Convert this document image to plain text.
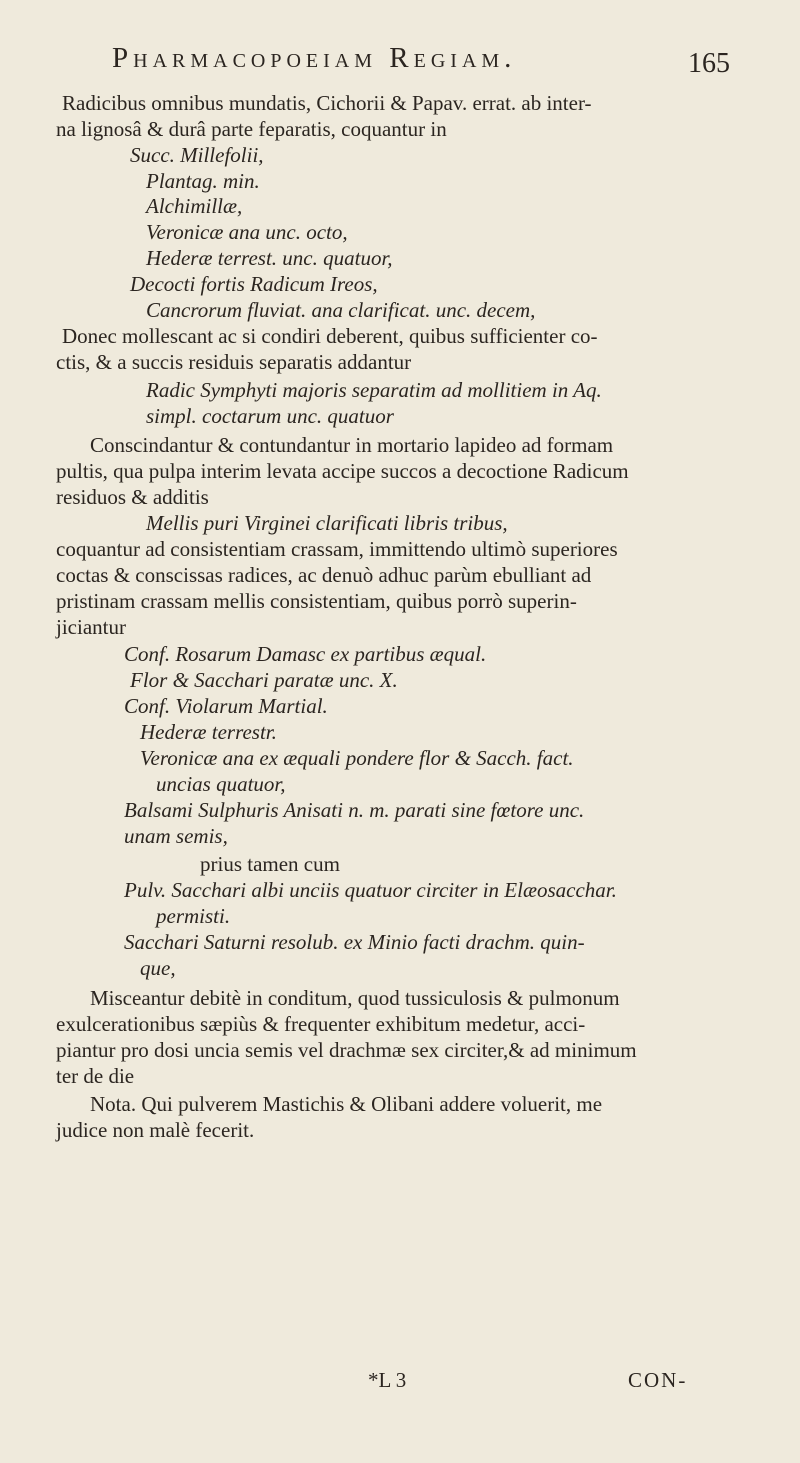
Pharmacopoeiam Regiam.	165
Radicibus omnibus mundatis, Cichorii & Papav. errat. ab inter-
na lignosâ & durâ parte feparatis, coquantur in
Succ. Millefolii,
Plantag. min.
Alchimillæ,
Veronicæ ana unc. octo,
Hederæ terrest. unc. quatuor,
Decocti fortis Radicum Ireos,
Cancrorum fluviat. ana clarificat. unc. decem,
Donec mollescant ac si condiri deberent, quibus sufficienter co-
ctis, & a succis residuis separatis addantur
Radic Symphyti majoris separatim ad mollitiem in Aq.
simpl. coctarum unc. quatuor
Conscindantur & contundantur in mortario lapideo ad formam
pultis, qua pulpa interim levata accipe succos a decoctione Radicum
residuos & additis
Mellis puri Virginei clarificati libris tribus,
coquantur ad consistentiam crassam, immittendo ultimò superiores
coctas & conscissas radices, ac denuò adhuc parùm ebulliant ad
pristinam crassam mellis consistentiam, quibus porrò superin-
jiciantur
Conf. Rosarum Damasc ex partibus æqual.
Flor & Sacchari paratæ unc. X.
Conf. Violarum Martial.
Hederæ terrestr.
Veronicæ ana ex æquali pondere flor & Sacch. fact.
uncias quatuor,
Balsami Sulphuris Anisati n. m. parati sine fœtore unc.
unam semis,
prius tamen cum
Pulv. Sacchari albi unciis quatuor circiter in Elæosacchar.
permisti.
Sacchari Saturni resolub. ex Minio facti drachm. quin-
que,
Misceantur debitè in conditum, quod tussiculosis & pulmonum
exulcerationibus sæpiùs & frequenter exhibitum medetur, acci-
piantur pro dosi uncia semis vel drachmæ sex circiter,& ad minimum
ter de die
Nota. Qui pulverem Mastichis & Olibani addere voluerit, me
judice non malè fecerit.
*L 3	CON-
